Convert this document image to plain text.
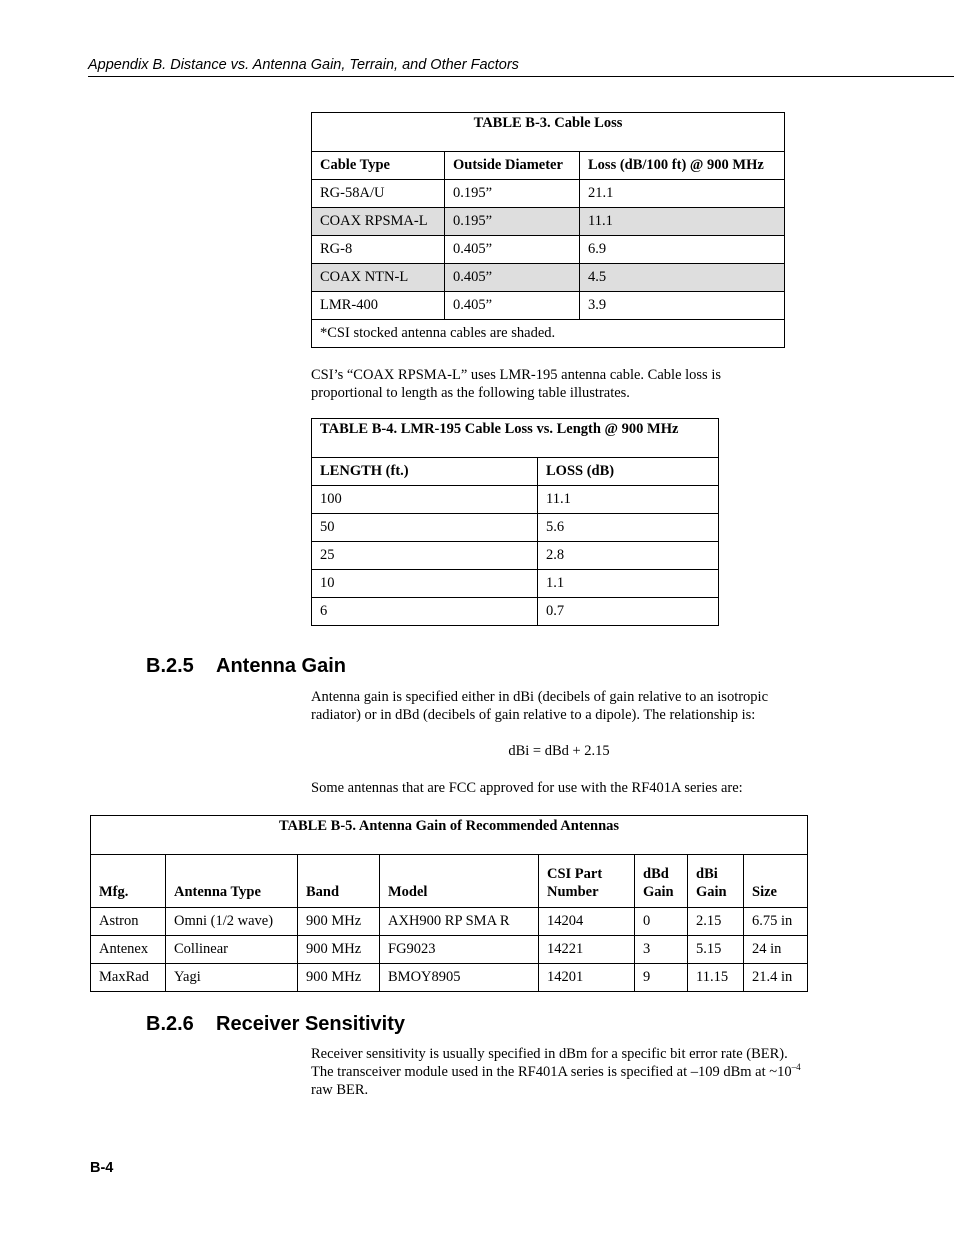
Appendix B. Distance vs. Antenna Gain, Terrain, and Other Factors
TABLE B-3. Cable Loss		
Cable Type	Outside Diameter	Loss (dB/100 ft) @ 900 MHz
RG-58A/U	0.195”	21.1
COAX RPSMA-L	0.195”	11.1
RG-8	0.405”	6.9
COAX NTN-L	0.405”	4.5
LMR-400	0.405”	3.9
*CSI stocked antenna cables are shaded.		
CSI’s “COAX RPSMA-L” uses LMR-195 antenna cable. Cable loss is proportional to length as the following table illustrates.
TABLE B-4. LMR-195 Cable Loss vs. Length @ 900 MHz	
LENGTH (ft.)	LOSS (dB)
100	11.1
50	5.6
25	2.8
10	1.1
6	0.7
B.2.5 Antenna Gain
Antenna gain is specified either in dBi (decibels of gain relative to an isotropic radiator) or in dBd (decibels of gain relative to a dipole). The relationship is:
dBi = dBd + 2.15
Some antennas that are FCC approved for use with the RF401A series are:
TABLE B-5. Antenna Gain of Recommended Antennas							
Mfg.	Antenna Type	Band	Model	CSI Part Number	dBd Gain	dBi Gain	Size
Astron	Omni (1/2 wave)	900 MHz	AXH900 RP SMA R	14204	0	2.15	6.75 in
Antenex	Collinear	900 MHz	FG9023	14221	3	5.15	24 in
MaxRad	Yagi	900 MHz	BMOY8905	14201	9	11.15	21.4 in
B.2.6 Receiver Sensitivity
Receiver sensitivity is usually specified in dBm for a specific bit error rate (BER). The transceiver module used in the RF401A series is specified at –109 dBm at $\sim 10^{-4}$ raw BER.
B-4
